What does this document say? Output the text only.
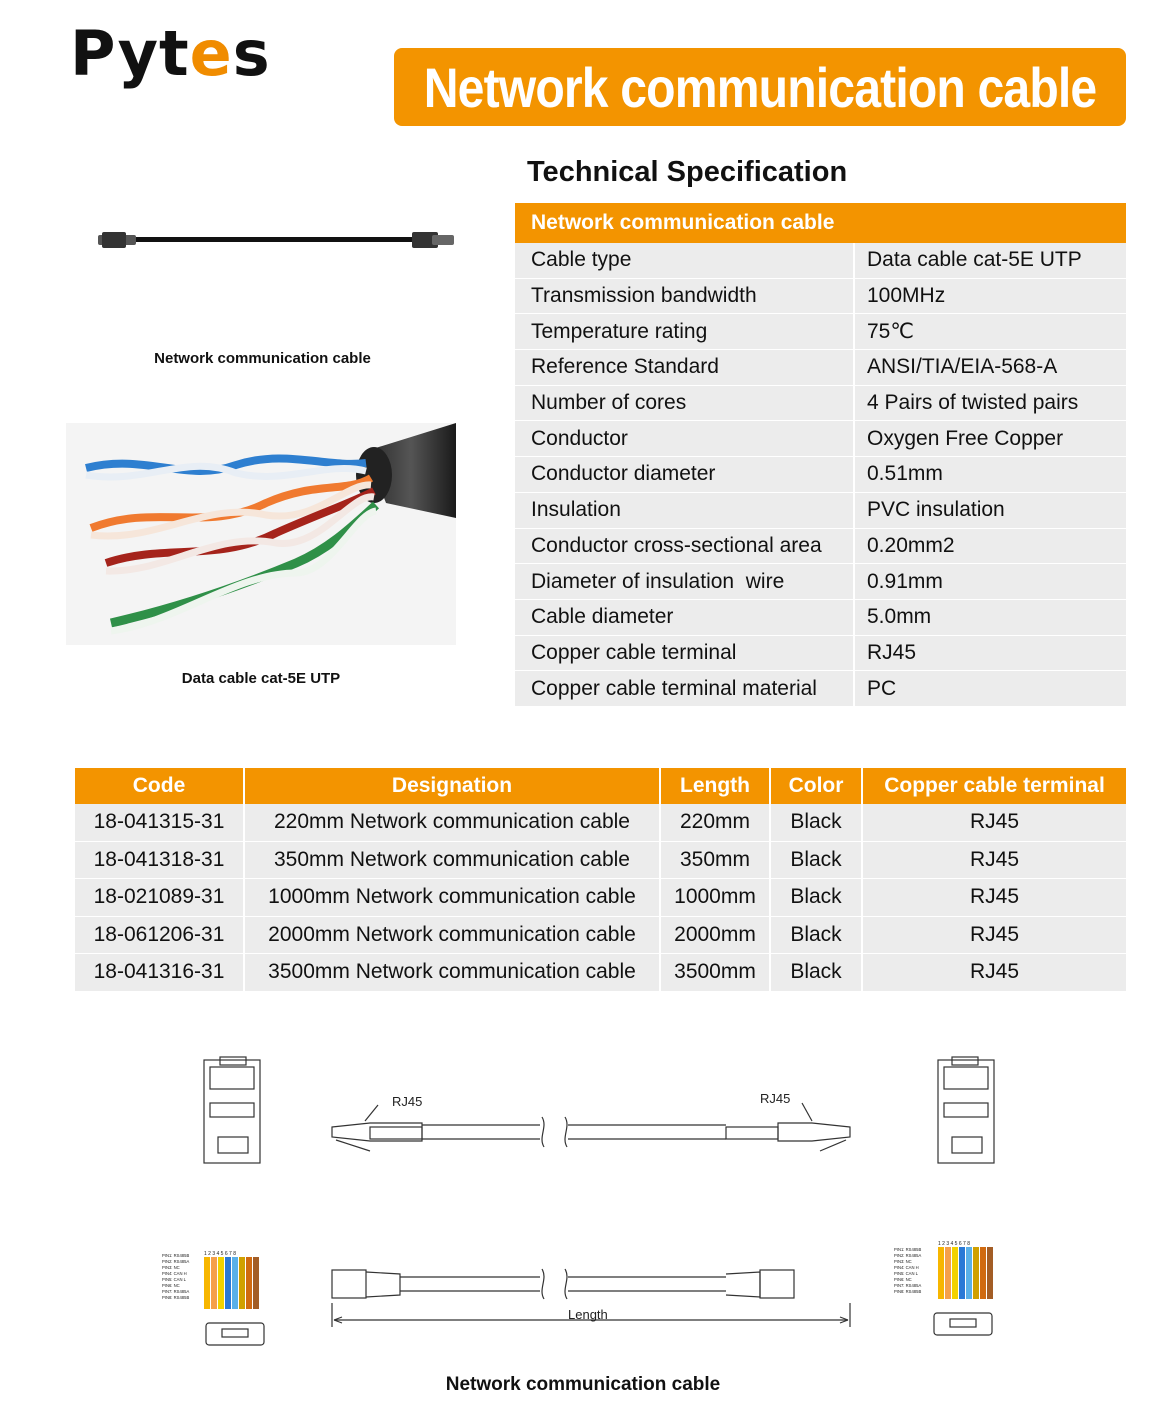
Pytes	Network communication cable
Network communication cable
Data cable cat-5E UTP
Technical Specification
Network communication cable	
Cable type	Data cable cat-5E UTP
Transmission bandwidth	100MHz
Temperature rating	75℃
Reference Standard	ANSI/TIA/EIA-568-A
Number of cores	4 Pairs of twisted pairs
Conductor	Oxygen Free Copper
Conductor diameter	0.51mm
Insulation	PVC insulation
Conductor cross-sectional area	0.20mm2
Diameter of insulation  wire	0.91mm
Cable diameter	5.0mm
Copper cable terminal	RJ45
Copper cable terminal material	PC
Code	Designation	Length	Color	Copper cable terminal
18-041315-31	220mm Network communication cable	220mm	Black	RJ45
18-041318-31	350mm Network communication cable	350mm	Black	RJ45
18-021089-31	1000mm Network communication cable	1000mm	Black	RJ45
18-061206-31	2000mm Network communication cable	2000mm	Black	RJ45
18-041316-31	3500mm Network communication cable	3500mm	Black	RJ45
RJ45	RJ45
Length
1 2 3 4 5 6 7 8
1 2 3 4 5 6 7 8
PIN1: RS485B PIN2: RS485A PIN3: NC PIN4: CAN H PIN5: CAN L PIN6: NC PIN7: RS485A PIN8: RS485B
PIN1: RS485B PIN2: RS485A PIN3: NC PIN4: CAN H PIN5: CAN L PIN6: NC PIN7: RS485A PIN8: RS485B
Network communication cable
